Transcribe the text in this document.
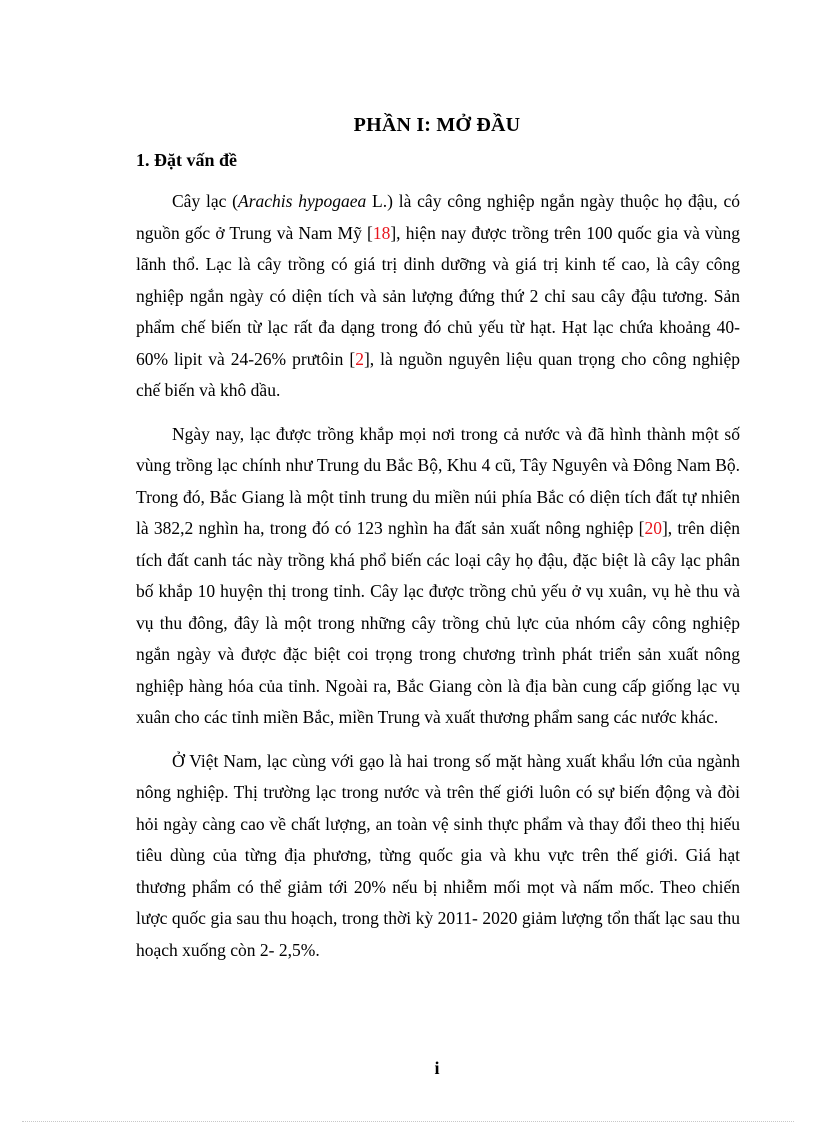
PHẦN I: MỞ ĐẦU
1. Đặt vấn đề

Cây lạc (Arachis hypogaea L.) là cây công nghiệp ngắn ngày thuộc họ đậu, có nguồn gốc ở Trung và Nam Mỹ [18], hiện nay được trồng trên 100 quốc gia và vùng lãnh thổ. Lạc là cây trồng có giá trị dinh dưỡng và giá trị kinh tế cao, là cây công nghiệp ngắn ngày có diện tích và sản lượng đứng thứ 2 chỉ sau cây đậu tương. Sản phẩm chế biến từ lạc rất đa dạng trong đó chủ yếu từ hạt. Hạt lạc chứa khoảng 40-60% lipit và 24-26% prưtôin [2], là nguồn nguyên liệu quan trọng cho công nghiệp chế biến và khô dầu.

Ngày nay, lạc được trồng khắp mọi nơi trong cả nước và đã hình thành một số vùng trồng lạc chính như Trung du Bắc Bộ, Khu 4 cũ, Tây Nguyên và Đông Nam Bộ. Trong đó, Bắc Giang là một tỉnh trung du miền núi phía Bắc có diện tích đất tự nhiên là 382,2 nghìn ha, trong đó có 123 nghìn ha đất sản xuất nông nghiệp [20], trên diện tích đất canh tác này trồng khá phổ biến các loại cây họ đậu, đặc biệt là cây lạc phân bố khắp 10 huyện thị trong tỉnh. Cây lạc được trồng chủ yếu ở vụ xuân, vụ hè thu và vụ thu đông, đây là một trong những cây trồng chủ lực của nhóm cây công nghiệp ngắn ngày và được đặc biệt coi trọng trong chương trình phát triển sản xuất nông nghiệp hàng hóa của tỉnh. Ngoài ra, Bắc Giang còn là địa bàn cung cấp giống lạc vụ xuân cho các tỉnh miền Bắc, miền Trung và xuất thương phẩm sang các nước khác.

Ở Việt Nam, lạc cùng với gạo là hai trong số mặt hàng xuất khẩu lớn của ngành nông nghiệp. Thị trường lạc trong nước và trên thế giới luôn có sự biến động và đòi hỏi ngày càng cao về chất lượng, an toàn vệ sinh thực phẩm và thay đổi theo thị hiếu tiêu dùng của từng địa phương, từng quốc gia và khu vực trên thế giới. Giá hạt thương phẩm có thể giảm tới 20% nếu bị nhiễm mối mọt và nấm mốc. Theo chiến lược quốc gia sau thu hoạch, trong thời kỳ 2011- 2020 giảm lượng tổn thất lạc sau thu hoạch xuống còn 2- 2,5%.

i
